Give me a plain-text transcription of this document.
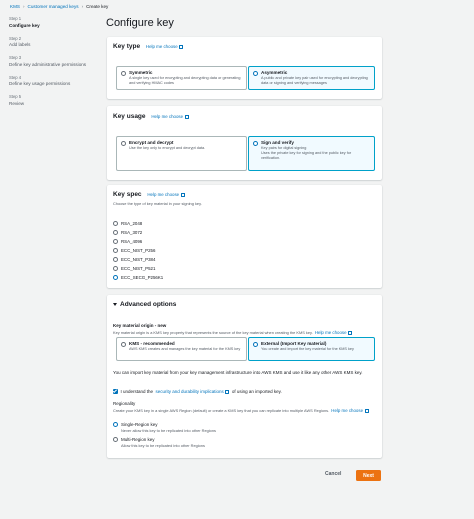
KMS › Customer managed keys › Create key
Step 1
Configure key
Step 2
Add labels
Step 3
Define key administrative permissions
Step 4
Define key usage permissions
Step 5
Review
Configure key
Key type Help me choose
Symmetric
A single key used for encrypting and decrypting data or generating and verifying HMAC codes
Asymmetric
A public and private key pair used for encrypting and decrypting data or signing and verifying messages
Key usage Help me choose
Encrypt and decrypt
Use the key only to encrypt and decrypt data.
Sign and verify
Key pairs for digital signing
Uses the private key for signing and the public key for verification.
Key spec Help me choose
Choose the type of key material in your signing key.
RSA_2048
RSA_3072
RSA_4096
ECC_NIST_P256
ECC_NIST_P384
ECC_NIST_P521
ECC_SECG_P256K1
Advanced options
Key material origin - new
Key material origin is a KMS key property that represents the source of the key material when creating the KMS key. Help me choose
KMS - recommended
AWS KMS creates and manages the key material for the KMS key
External (Import Key material)
You create and import the key material for the KMS key
You can import key material from your key management infrastructure into AWS KMS and use it like any other AWS KMS key.
I understand the security and durability implications of using an imported key.
Regionality
Create your KMS key in a single AWS Region (default) or create a KMS key that you can replicate into multiple AWS Regions. Help me choose
Single-Region key
Never allow this key to be replicated into other Regions
Multi-Region key
Allow this key to be replicated into other Regions
Cancel	Next
